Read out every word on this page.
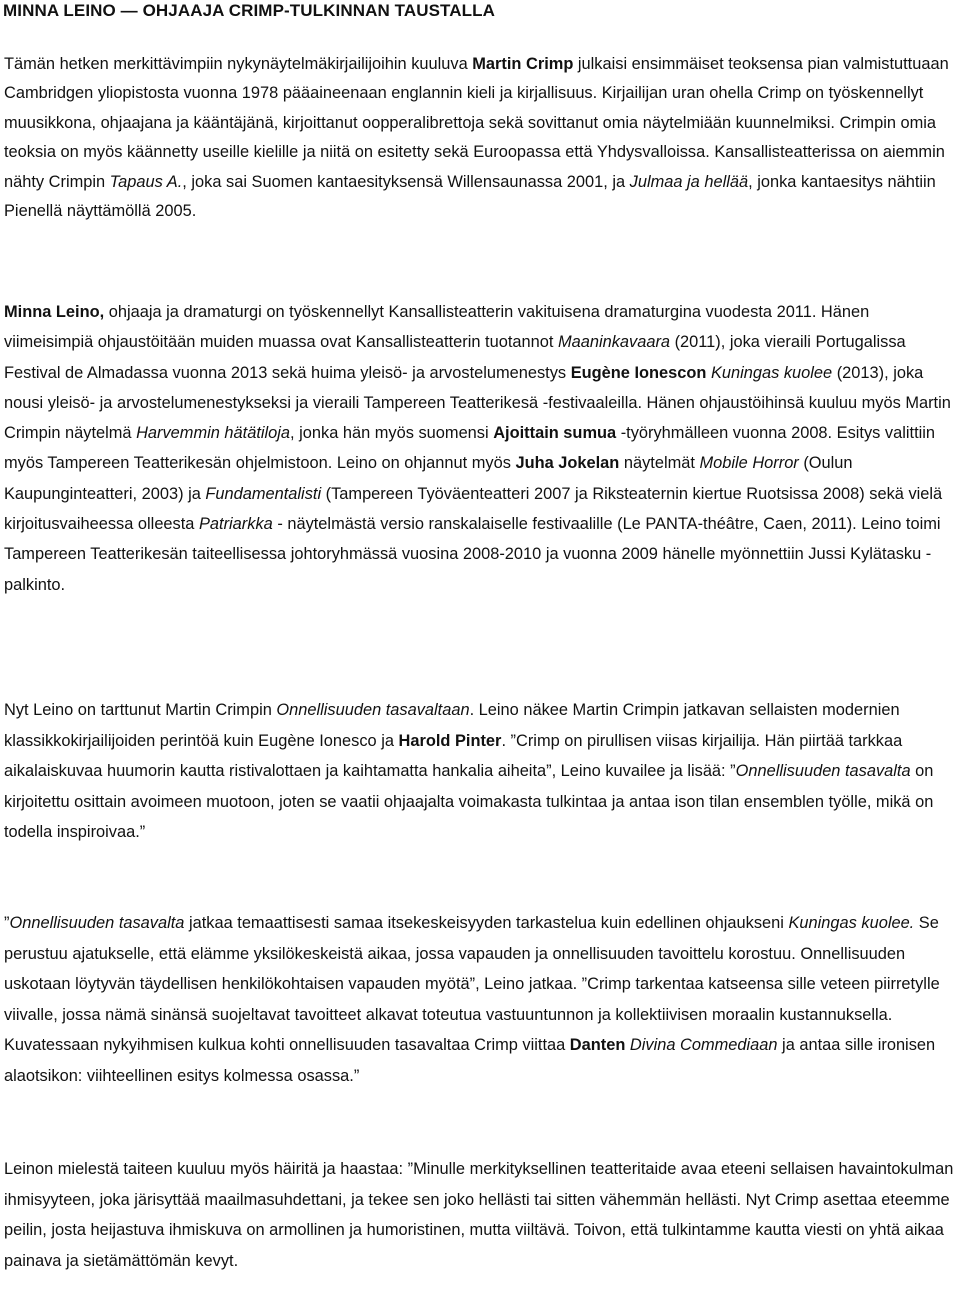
MINNA LEINO — OHJAAJA CRIMP-TULKINNAN TAUSTALLA

Tämän hetken merkittävimpiin nykynäytelmäkirjailijoihin kuuluva Martin Crimp julkaisi ensimmäiset teoksensa pian valmistuttuaan Cambridgen yliopistosta vuonna 1978 pääaineenaan englannin kieli ja kirjallisuus. Kirjailijan uran ohella Crimp on työskennellyt muusikkona, ohjaajana ja kääntäjänä, kirjoittanut oopperalibrettoja sekä sovittanut omia näytelmiään kuunnelmiksi. Crimpin omia teoksia on myös käännetty useille kielille ja niitä on esitetty sekä Euroopassa että Yhdysvalloissa. Kansallisteatterissa on aiemmin nähty Crimpin Tapaus A., joka sai Suomen kantaesityksensä Willensaunassa 2001, ja Julmaa ja hellää, jonka kantaesitys nähtiin Pienellä näyttämöllä 2005.

Minna Leino, ohjaaja ja dramaturgi on työskennellyt Kansallisteatterin vakituisena dramaturgina vuodesta 2011. Hänen viimeisimpiä ohjaustöitään muiden muassa ovat Kansallisteatterin tuotannot Maaninkavaara (2011), joka vieraili Portugalissa Festival de Almadassa vuonna 2013 sekä huima yleisö- ja arvostelumenestys Eugène Ionescon Kuningas kuolee (2013), joka nousi yleisö- ja arvostelumenestykseksi ja vieraili Tampereen Teatterikesä -festivaaleilla. Hänen ohjaustöihinsä kuuluu myös Martin Crimpin näytelmä Harvemmin hätätiloja, jonka hän myös suomensi Ajoittain sumua -työryhmälleen vuonna 2008. Esitys valittiin myös Tampereen Teatterikesän ohjelmistoon. Leino on ohjannut myös Juha Jokelan näytelmät Mobile Horror (Oulun Kaupunginteatteri, 2003) ja Fundamentalisti (Tampereen Työväenteatteri 2007 ja Riksteaternin kiertue Ruotsissa 2008) sekä vielä kirjoitusvaiheessa olleesta Patriarkka - näytelmästä versio ranskalaiselle festivaalille (Le PANTA-théâtre, Caen, 2011). Leino toimi Tampereen Teatterikesän taiteellisessa johtoryhmässä vuosina 2008-2010 ja vuonna 2009 hänelle myönnettiin Jussi Kylätasku -palkinto.

Nyt Leino on tarttunut Martin Crimpin Onnellisuuden tasavaltaan. Leino näkee Martin Crimpin jatkavan sellaisten modernien klassikkokirjailijoiden perintöä kuin Eugène Ionesco ja Harold Pinter. ”Crimp on pirullisen viisas kirjailija. Hän piirtää tarkkaa aikalaiskuvaa huumorin kautta ristivalottaen ja kaihtamatta hankalia aiheita”, Leino kuvailee ja lisää: ”Onnellisuuden tasavalta on kirjoitettu osittain avoimeen muotoon, joten se vaatii ohjaajalta voimakasta tulkintaa ja antaa ison tilan ensemblen työlle, mikä on todella inspiroivaa.”

”Onnellisuuden tasavalta jatkaa temaattisesti samaa itsekeskeisyyden tarkastelua kuin edellinen ohjaukseni Kuningas kuolee. Se perustuu ajatukselle, että elämme yksilökeskeistä aikaa, jossa vapauden ja onnellisuuden tavoittelu korostuu. Onnellisuuden uskotaan löytyvän täydellisen henkilökohtaisen vapauden myötä”, Leino jatkaa. ”Crimp tarkentaa katseensa sille veteen piirretylle viivalle, jossa nämä sinänsä suojeltavat tavoitteet alkavat toteutua vastuuntunnon ja kollektiivisen moraalin kustannuksella. Kuvatessaan nykyihmisen kulkua kohti onnellisuuden tasavaltaa Crimp viittaa Danten Divina Commediaan ja antaa sille ironisen alaotsikon: viihteellinen esitys kolmessa osassa.”

Leinon mielestä taiteen kuuluu myös häiritä ja haastaa: ”Minulle merkityksellinen teatteritaide avaa eteeni sellaisen havaintokulman ihmisyyteen, joka järisyttää maailmasuhdettani, ja tekee sen joko hellästi tai sitten vähemmän hellästi. Nyt Crimp asettaa eteemme peilin, josta heijastuva ihmiskuva on armollinen ja humoristinen, mutta viiltävä. Toivon, että tulkintamme kautta viesti on yhtä aikaa painava ja sietämättömän kevyt.
